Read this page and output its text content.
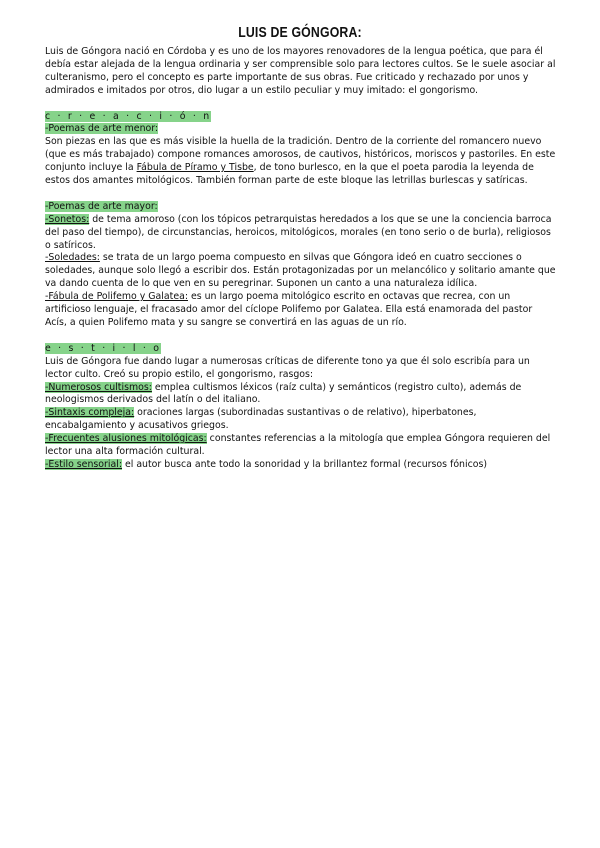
LUIS DE GÓNGORA:

Luis de Góngora nació en Córdoba y es uno de los mayores renovadores de la lengua poética, que para él debía estar alejada de la lengua ordinaria y ser comprensible solo para lectores cultos. Se le suele asociar al culteranismo, pero el concepto es parte importante de sus obras. Fue criticado y rechazado por unos y admirados e imitados por otros, dio lugar a un estilo peculiar y muy imitado: el gongorismo.

c · r · e · a · c · i · ó · n

-Poemas de arte menor:

Son piezas en las que es más visible la huella de la tradición. Dentro de la corriente del romancero nuevo (que es más trabajado) compone romances amorosos, de cautivos, históricos, moriscos y pastoriles. En este conjunto incluye la Fábula de Píramo y Tisbe, de tono burlesco, en la que el poeta parodia la leyenda de estos dos amantes mitológicos. También forman parte de este bloque las letrillas burlescas y satíricas.

-Poemas de arte mayor:

-Sonetos: de tema amoroso (con los tópicos petrarquistas heredados a los que se une la conciencia barroca del paso del tiempo), de circunstancias, heroicos, mitológicos, morales (en tono serio o de burla), religiosos o satíricos.

-Soledades: se trata de un largo poema compuesto en silvas que Góngora ideó en cuatro secciones o soledades, aunque solo llegó a escribir dos. Están protagonizadas por un melancólico y solitario amante que va dando cuenta de lo que ven en su peregrinar. Suponen un canto a una naturaleza idílica.

-Fábula de Polifemo y Galatea: es un largo poema mitológico escrito en octavas que recrea, con un artificioso lenguaje, el fracasado amor del cíclope Polifemo por Galatea. Ella está enamorada del pastor Acís, a quien Polifemo mata y su sangre se convertirá en las aguas de un río.

e · s · t · i · l · o

Luis de Góngora fue dando lugar a numerosas críticas de diferente tono ya que él solo escribía para un lector culto. Creó su propio estilo, el gongorismo, rasgos:

-Numerosos cultismos: emplea cultismos léxicos (raíz culta) y semánticos (registro culto), además de neologismos derivados del latín o del italiano.

-Sintaxis compleja: oraciones largas (subordinadas sustantivas o de relativo), hiperbatones, encabalgamiento y acusativos griegos.

-Frecuentes alusiones mitológicas: constantes referencias a la mitología que emplea Góngora requieren del lector una alta formación cultural.

-Estilo sensorial: el autor busca ante todo la sonoridad y la brillantez formal (recursos fónicos)
